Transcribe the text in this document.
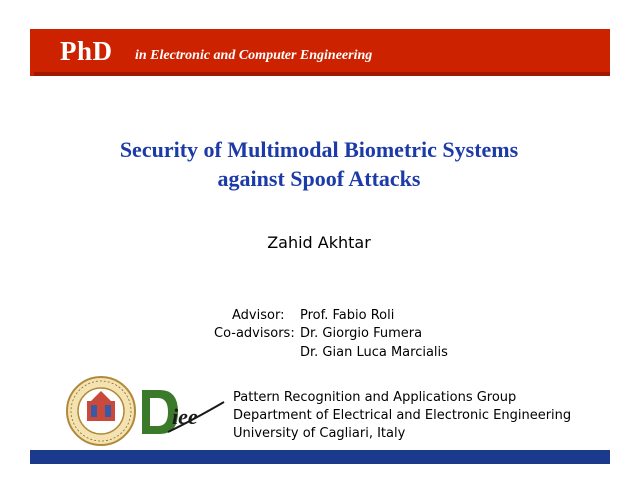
PhD in Electronic and Computer Engineering
Security of Multimodal Biometric Systems
against Spoof Attacks
Zahid Akhtar
Advisor: Prof. Fabio Roli
Co-advisors: Dr. Giorgio Fumera
Dr. Gian Luca Marcialis
iee
Pattern Recognition and Applications Group
Department of Electrical and Electronic Engineering
University of Cagliari, Italy
